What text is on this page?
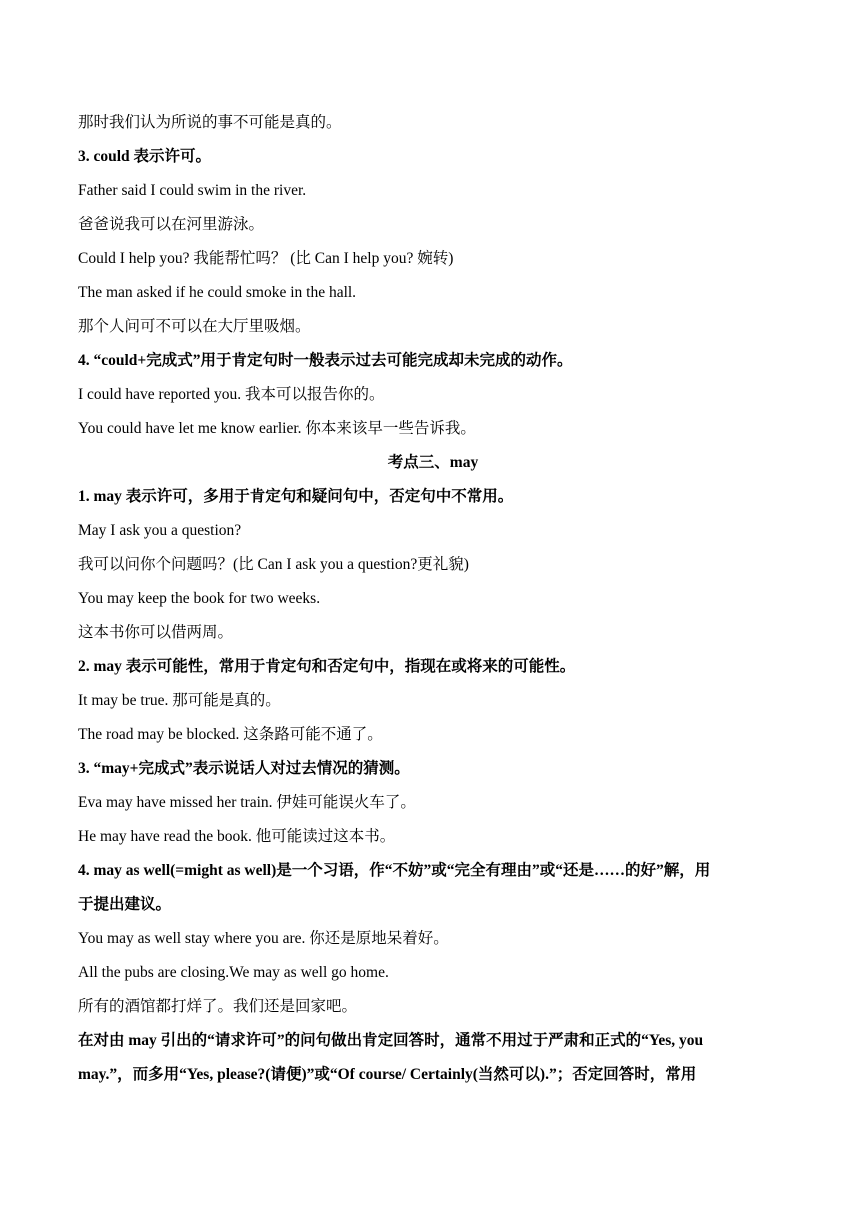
那时我们认为所说的事不可能是真的。

3. could 表示许可。

Father said I could swim in the river.

爸爸说我可以在河里游泳。

Could I help you? 我能帮忙吗？ (比 Can I help you? 婉转)

The man asked if he could smoke in the hall.

那个人问可不可以在大厅里吸烟。

4. “could+完成式”用于肯定句时一般表示过去可能完成却未完成的动作。

I could have reported you. 我本可以报告你的。

You could have let me know earlier. 你本来该早一些告诉我。

考点三、may

1. may 表示许可，多用于肯定句和疑问句中，否定句中不常用。

May I ask you a question?

我可以问你个问题吗？(比 Can I ask you a question?更礼貌)

You may keep the book for two weeks.

这本书你可以借两周。

2. may 表示可能性，常用于肯定句和否定句中，指现在或将来的可能性。

It may be true. 那可能是真的。

The road may be blocked. 这条路可能不通了。

3. “may+完成式”表示说话人对过去情况的猜测。

Eva may have missed her train. 伊娃可能误火车了。

He may have read the book. 他可能读过这本书。

4. may as well(=might as well)是一个习语，作“不妨”或“完全有理由”或“还是……的好”解，用

于提出建议。

You may as well stay where you are. 你还是原地呆着好。

All the pubs are closing.We may as well go home.

所有的酒馆都打烊了。我们还是回家吧。

在对由 may 引出的“请求许可”的问句做出肯定回答时，通常不用过于严肃和正式的“Yes, you

may.”，而多用“Yes, please?(请便)”或“Of course/ Certainly(当然可以).”；否定回答时，常用
